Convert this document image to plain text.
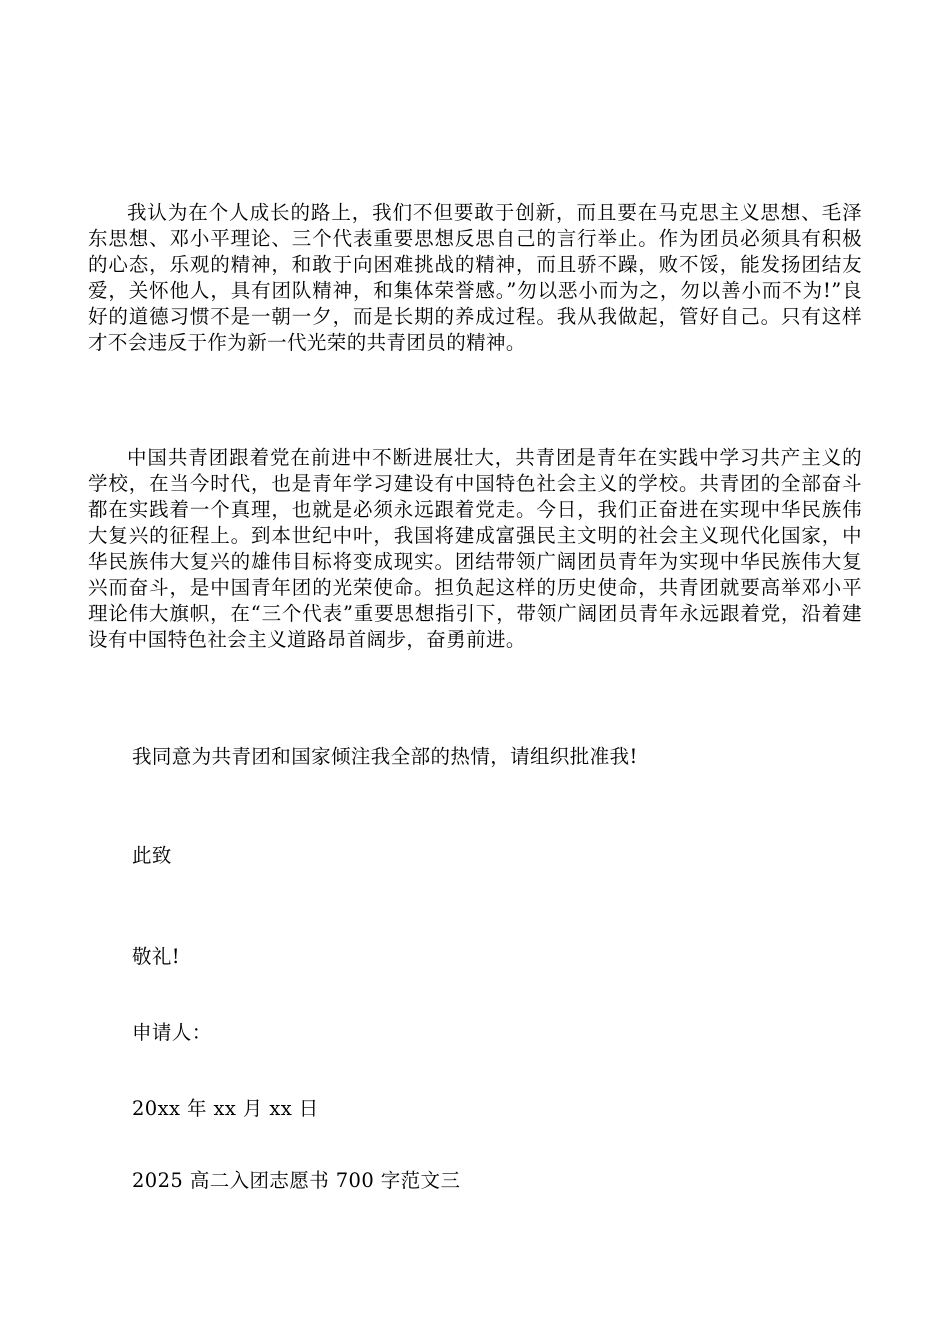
我认为在个人成长的路上，我们不但要敢于创新，而且要在马克思主义思想、毛泽东思想、邓小平理论、三个代表重要思想反思自己的言行举止。作为团员必须具有积极的心态，乐观的精神，和敢于向困难挑战的精神，而且骄不躁，败不馁，能发扬团结友爱，关怀他人，具有团队精神，和集体荣誉感。”勿以恶小而为之，勿以善小而不为!”良好的道德习惯不是一朝一夕，而是长期的养成过程。我从我做起，管好自己。只有这样才不会违反于作为新一代光荣的共青团员的精神。

中国共青团跟着党在前进中不断进展壮大，共青团是青年在实践中学习共产主义的学校，在当今时代，也是青年学习建设有中国特色社会主义的学校。共青团的全部奋斗都在实践着一个真理，也就是必须永远跟着党走。今日，我们正奋进在实现中华民族伟大复兴的征程上。到本世纪中叶，我国将建成富强民主文明的社会主义现代化国家，中华民族伟大复兴的雄伟目标将变成现实。团结带领广阔团员青年为实现中华民族伟大复兴而奋斗，是中国青年团的光荣使命。担负起这样的历史使命，共青团就要高举邓小平理论伟大旗帜，在“三个代表”重要思想指引下，带领广阔团员青年永远跟着党，沿着建设有中国特色社会主义道路昂首阔步，奋勇前进。

我同意为共青团和国家倾注我全部的热情，请组织批准我!

此致

敬礼!

申请人：

20xx 年 xx 月 xx 日

2025 高二入团志愿书 700 字范文三
